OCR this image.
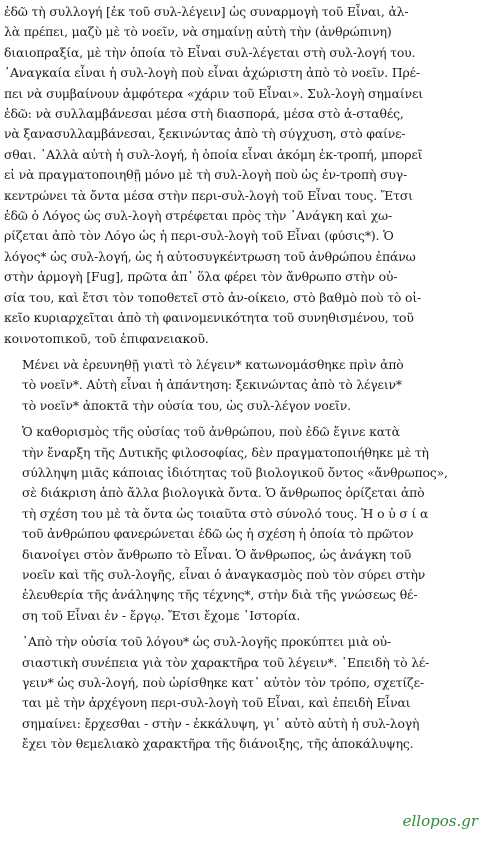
ἐδῶ τὴ συλλογή [ἐκ τοῦ συλ-λέγειν] ὡς συναρμογὴ τοῦ Εἶναι, ἀλ-
λὰ πρέπει, μαζὺ μὲ τὸ νοεῖν, νὰ σημαίνῃ αὐτὴ τὴν (ἀνθρώπινη)
διαιοπραξία, μὲ τὴν ὁποία τὸ Εἶναι συλ-λέγεται στὴ συλ-λογή του.
᾿Αναγκαία εἶναι ἡ συλ-λογὴ ποὺ εἶναι ἀχώριστη ἀπὸ τὸ νοεῖν. Πρέ-
πει νὰ συμβαίνουν ἀμφότερα «χάριν τοῦ Εἶναι». Συλ-λογὴ σημαίνει
ἐδῶ: νὰ συλλαμβάνεσαι μέσα στὴ διασπορά, μέσα στὸ ἀ-σταθές,
νὰ ξανασυλλαμβάνεσαι, ξεκινώντας ἀπὸ τὴ σύγχυση, στὸ φαίνε-
σθαι. ᾿Αλλὰ αὐτὴ ἡ συλ-λογή, ἡ ὁποία εἶναι ἀκόμη ἐκ-τροπή, μπορεῖ
εἰ νὰ πραγματοποιηθῇ μόνο μὲ τὴ συλ-λογὴ ποὺ ὡς ἐν-τροπὴ συγ-
κεντρώνει τὰ ὄντα μέσα στὴν περι-συλ-λογὴ τοῦ Εἶναι τους. Ἔτσι
ἐδῶ ὁ Λόγος ὡς συλ-λογὴ στρέφεται πρὸς τὴν ᾿Ανάγκη καὶ χω-
ρίζεται ἀπὸ τὸν Λόγο ὡς ἡ περι-συλ-λογὴ τοῦ Εἶναι (φύσις*). Ὁ
λόγος* ὡς συλ-λογή, ὡς ἡ αὐτοσυγκέντρωση τοῦ ἀνθρώπου ἐπάνω
στὴν ἁρμογὴ [Fug], πρῶτα ἀπ᾿ ὅλα φέρει τὸν ἄνθρωπο στὴν οὐ-
σία του, καὶ ἔτσι τὸν τοποθετεῖ στὸ ἀν-οίκειο, στὸ βαθμὸ ποὺ τὸ οἰ-
κεῖο κυριαρχεῖται ἀπὸ τὴ φαινομενικότητα τοῦ συνηθισμένου, τοῦ
κοινοτοπικοῦ, τοῦ ἐπιφανειακοῦ.

Μένει νὰ ἐρευνηθῇ γιατὶ τὸ λέγειν* κατωνομάσθηκε πρὶν ἀπὸ
τὸ νοεῖν*. Αὐτὴ εἶναι ἡ ἀπάντηση: ξεκινώντας ἀπὸ τὸ λέγειν*
τὸ νοεῖν* ἀποκτᾶ τὴν οὐσία του, ὡς συλ-λέγον νοεῖν.

Ὁ καθορισμὸς τῆς οὐσίας τοῦ ἀνθρώπου, ποὺ ἐδῶ ἔγινε κατὰ
τὴν ἔναρξη τῆς Δυτικῆς φιλοσοφίας, δὲν πραγματοποιήθηκε μὲ τὴ
σύλληψη μιᾶς κάποιας ἰδιότητας τοῦ βιολογικοῦ ὄντος «ἄνθρωπος»,
σὲ διάκριση ἀπὸ ἄλλα βιολογικὰ ὄντα. Ὁ ἄνθρωπος ὁρίζεται ἀπὸ
τὴ σχέση του μὲ τὰ ὄντα ὡς τοιαῦτα στὸ σύνολό τους. Ἡ ο ὐ σ ί α
τοῦ ἀνθρώπου φανερώνεται ἐδῶ ὡς ἡ σχέση ἡ ὁποία τὸ πρῶτον
διανοίγει στὸν ἄνθρωπο τὸ Εἶναι. Ὁ ἄνθρωπος, ὡς ἀνάγκη τοῦ
νοεῖν καὶ τῆς συλ-λογῆς, εἶναι ὁ ἀναγκασμὸς ποὺ τὸν σύρει στὴν
ἐλευθερία τῆς ἀνάληψης τῆς τέχνης*, στὴν διὰ τῆς γνώσεως θέ-
ση τοῦ Εἶναι ἐν - ἔργῳ. Ἔτσι ἔχομε ῾Ιστορία.

᾿Απὸ τὴν οὐσία τοῦ λόγου* ὡς συλ-λογῆς προκύπτει μιὰ οὐ-
σιαστικὴ συνέπεια γιὰ τὸν χαρακτῆρα τοῦ λέγειν*. ᾿Επειδὴ τὸ λέ-
γειν* ὡς συλ-λογή, ποὺ ὡρίσθηκε κατ᾿ αὐτὸν τὸν τρόπο, σχετίζε-
ται μὲ τὴν ἀρχέγονη περι-συλ-λογὴ τοῦ Εἶναι, καὶ ἐπειδὴ Εἶναι
σημαίνει: ἔρχεσθαι - στὴν - ἐκκάλυψη, γι᾿ αὐτὸ αὐτὴ ἡ συλ-λογὴ
ἔχει τὸν θεμελιακὸ χαρακτῆρα τῆς διάνοιξης, τῆς ἀποκάλυψης.

ellopos.gr
